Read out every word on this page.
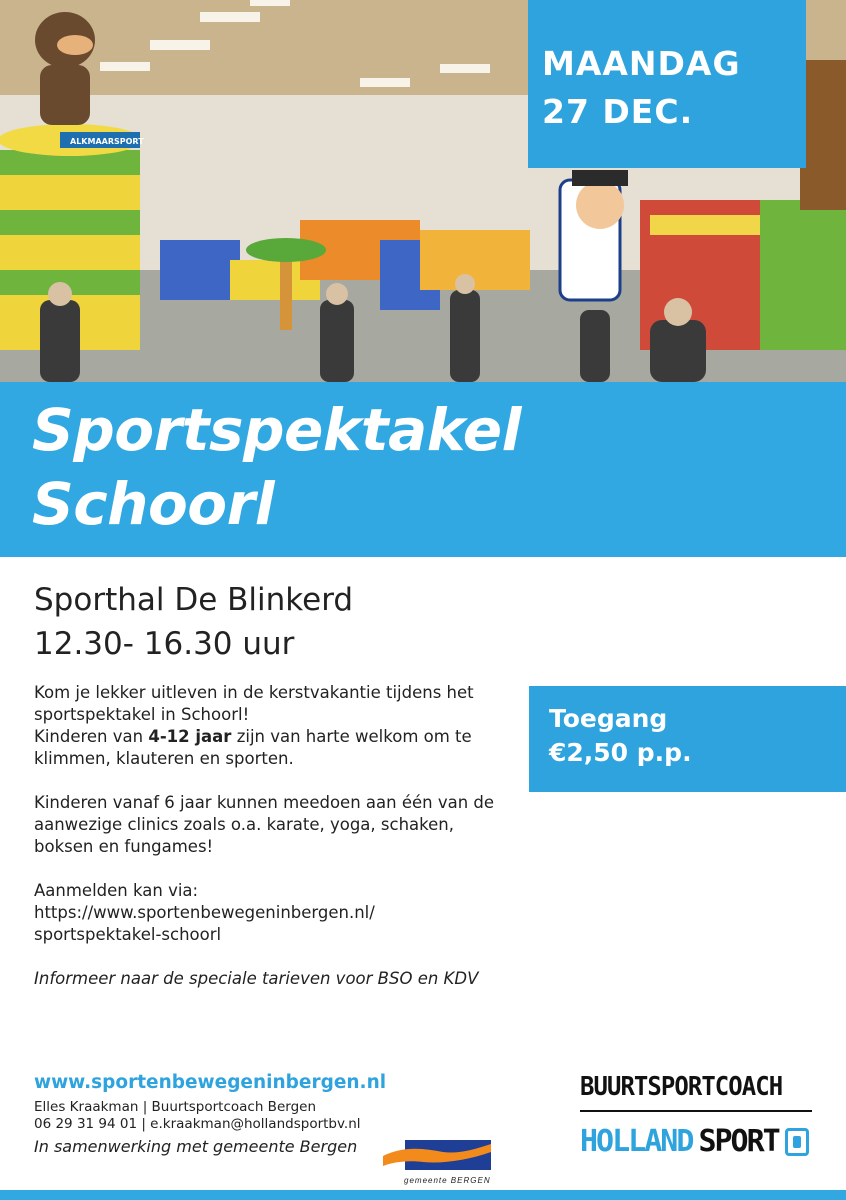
ALKMAARSPORT
MAANDAG
27 DEC.
Sportspektakel
Schoorl
Sporthal De Blinkerd
12.30- 16.30 uur

Kom je lekker uitleven in de kerstvakantie tijdens het sportspektakel in Schoorl!
Kinderen van 4-12 jaar zijn van harte welkom om te klimmen, klauteren en sporten.

Kinderen vanaf 6 jaar kunnen meedoen aan één van de aanwezige clinics zoals o.a. karate, yoga, schaken, boksen en fungames!

Aanmelden kan via:
https://www.sportenbewegeninbergen.nl/
sportspektakel-schoorl

Informeer naar de speciale tarieven voor BSO en KDV

Toegang
€2,50 p.p.
www.sportenbewegeninbergen.nl
Elles Kraakman | Buurtsportcoach Bergen
06 29 31 94 01 | e.kraakman@hollandsportbv.nl
In samenwerking met gemeente Bergen
gemeente BERGEN
BUURTSPORTCOACH
HOLLAND SPORT
